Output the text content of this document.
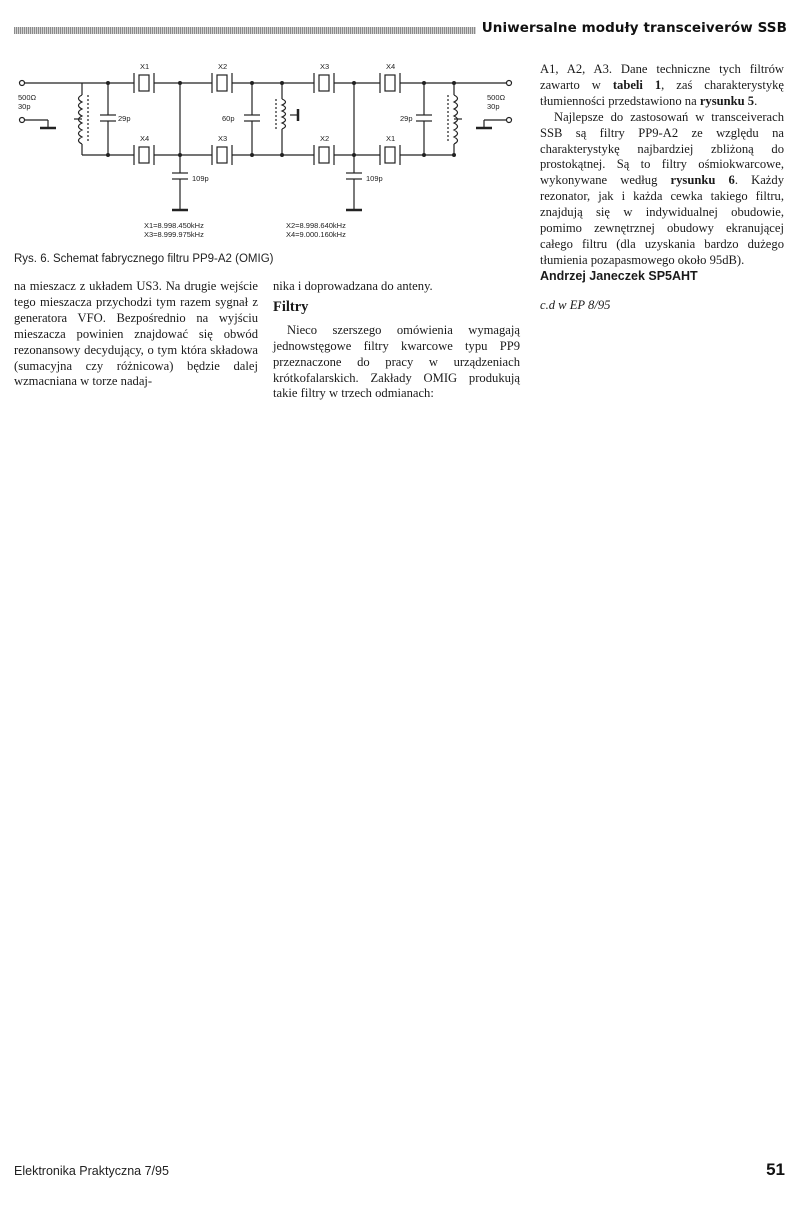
Uniwersalne moduły transceiverów SSB
500Ω
30p
500Ω
30p
X1	X2	X3	X4
X4	X3	X2	X1
29p	60p	29p
109p	109p
X1=8.998.450kHz
X3=8.999.975kHz
X2=8.998.640kHz
X4=9.000.160kHz
Rys. 6. Schemat fabrycznego filtru PP9-A2 (OMIG)

na mieszacz z układem US3. Na drugie wejście tego mieszacza przychodzi tym razem sygnał z generatora VFO. Bezpośrednio na wyjściu mieszacza powinien znajdować się obwód rezonansowy decydujący, o tym która składowa (sumacyjna czy różnicowa) będzie dalej wzmacniana w torze nadaj-

nika i doprowadzana do anteny.

Filtry

Nieco szerszego omówienia wymagają jednowstęgowe filtry kwarcowe typu PP9 przeznaczone do pracy w urządzeniach krótkofalarskich. Zakłady OMIG produkują takie filtry w trzech odmianach:

A1, A2, A3. Dane techniczne tych filtrów zawarto w tabeli 1, zaś charakterystykę tłumienności przedstawiono na rysunku 5.

Najlepsze do zastosowań w transceiverach SSB są filtry PP9-A2 ze względu na charakterystykę najbardziej zbliżoną do prostokątnej. Są to filtry ośmiokwarcowe, wykonywane według rysunku 6. Każdy rezonator, jak i każda cewka takiego filtru, znajdują się w indywidualnej obudowie, pomimo zewnętrznej obudowy ekranującej całego filtru (dla uzyskania bardzo dużego tłumienia pozapasmowego około 95dB).

Andrzej Janeczek SP5AHT
c.d w EP 8/95
Elektronika Praktyczna 7/95	51
